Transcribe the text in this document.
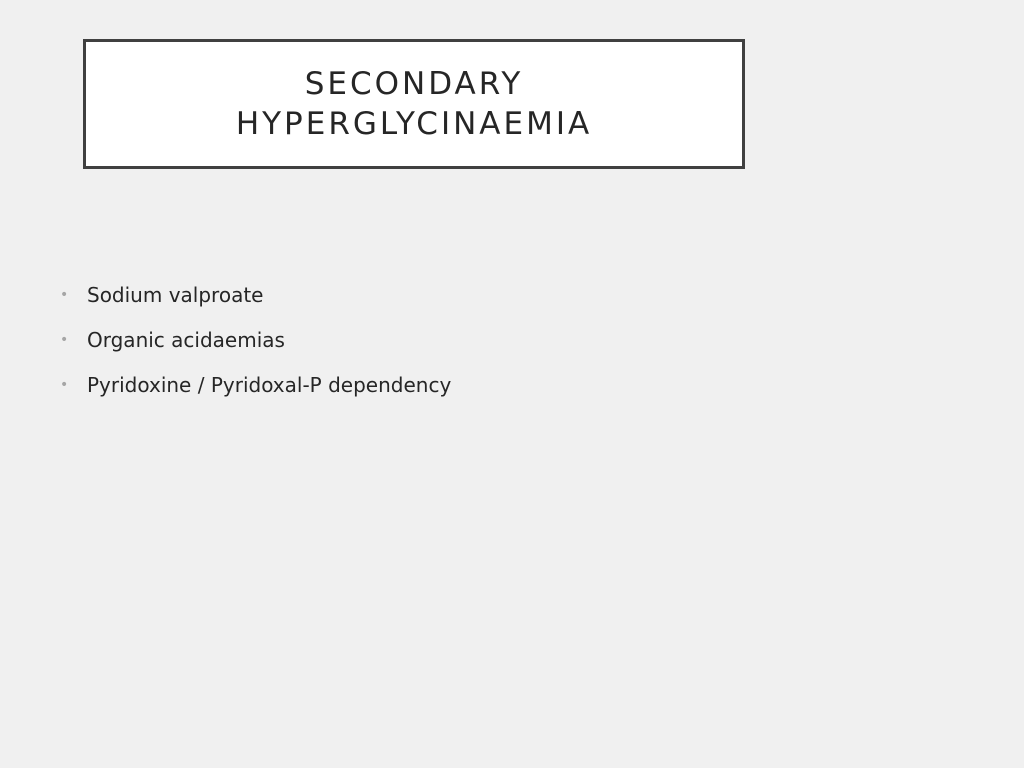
SECONDARY
HYPERGLYCINAEMIA
• Sodium valproate
• Organic acidaemias
• Pyridoxine / Pyridoxal-P dependency
